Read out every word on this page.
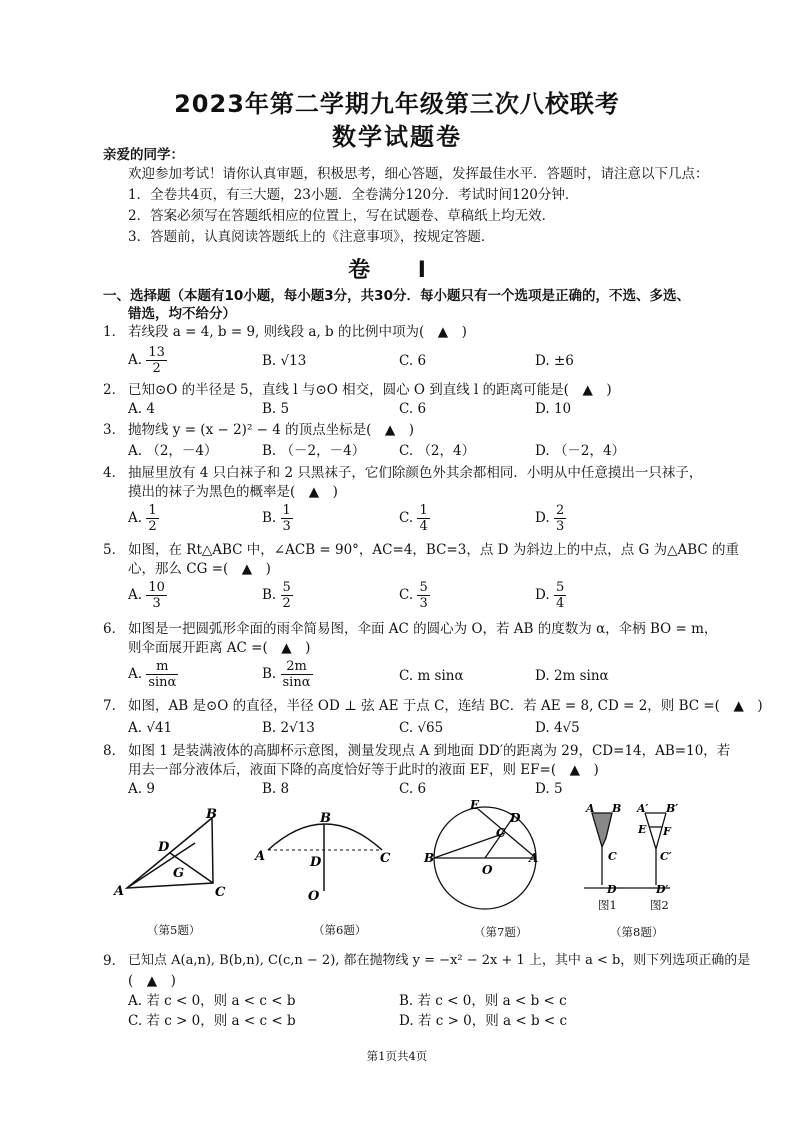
2023年第二学期九年级第三次八校联考
数学试题卷
亲爱的同学：
欢迎参加考试！请你认真审题，积极思考，细心答题，发挥最佳水平．答题时，请注意以下几点：
1．全卷共4页，有三大题，23小题．全卷满分120分．考试时间120分钟．
2．答案必须写在答题纸相应的位置上，写在试题卷、草稿纸上均无效．
3．答题前，认真阅读答题纸上的《注意事项》，按规定答题．
卷 Ⅰ
一、选择题（本题有10小题，每小题3分，共30分．每小题只有一个选项是正确的，不选、多选、
错选，均不给分）
1． 若线段 a = 4, b = 9, 则线段 a, b 的比例中项为(　▲　)
A. $\frac{13}{2}$	B. √13	C. 6	D. ±6
2． 已知⊙O 的半径是 5，直线 l 与⊙O 相交，圆心 O 到直线 l 的距离可能是(　▲　)
A. 4	B. 5	C. 6	D. 10
3． 抛物线 y = (x − 2)² − 4 的顶点坐标是(　▲　)
A. （2，－4）	B. （－2，－4）	C. （2，4）	D. （－2，4）
4． 抽屉里放有 4 只白袜子和 2 只黑袜子，它们除颜色外其余都相同．小明从中任意摸出一只袜子，
摸出的袜子为黑色的概率是(　▲　)
A. $\frac{1}{2}$	B. $\frac{1}{3}$	C. $\frac{1}{4}$	D. $\frac{2}{3}$
5． 如图，在 Rt△ABC 中，∠ACB = 90°，AC=4，BC=3，点 D 为斜边上的中点，点 G 为△ABC 的重
心，那么 CG =(　▲　)
A. $\frac{10}{3}$	B. $\frac{5}{2}$	C. $\frac{5}{3}$	D. $\frac{5}{4}$
6． 如图是一把圆弧形伞面的雨伞简易图，伞面 AC 的圆心为 O，若 AB 的度数为 α，伞柄 BO = m，
则伞面展开距离 AC =(　▲　)
A. $\frac{m}{\sin\alpha}$	B. $\frac{2m}{\sin\alpha}$	C. m sinα	D. 2m sinα
7． 如图，AB 是⊙O 的直径，半径 OD ⊥ 弦 AE 于点 C，连结 BC．若 AE = 8, CD = 2，则 BC =(　▲　)
A. √41	B. 2√13	C. √65	D. 4√5
8． 如图 1 是装满液体的高脚杯示意图，测量发现点 A 到地面 DD′的距离为 29，CD=14，AB=10，若
用去一部分液体后，液面下降的高度恰好等于此时的液面 EF，则 EF=(　▲　)
A. 9	B. 8	C. 6	D. 5
B
D
G
A	C
B
A	C
D
O
E
C
D
B	A
O
A B
C
D
A′ B′
E F
C′
D′
（第5题）	（第6题）	（第7题）
图1	图2
（第8题）
9． 已知点 A(a,n), B(b,n), C(c,n − 2), 都在抛物线 y = −x² − 2x + 1 上，其中 a < b，则下列选项正确的是
(　▲　)
A. 若 c < 0，则 a < c < b	B. 若 c < 0，则 a < b < c
C. 若 c > 0，则 a < c < b	D. 若 c > 0，则 a < b < c
第1页共4页
